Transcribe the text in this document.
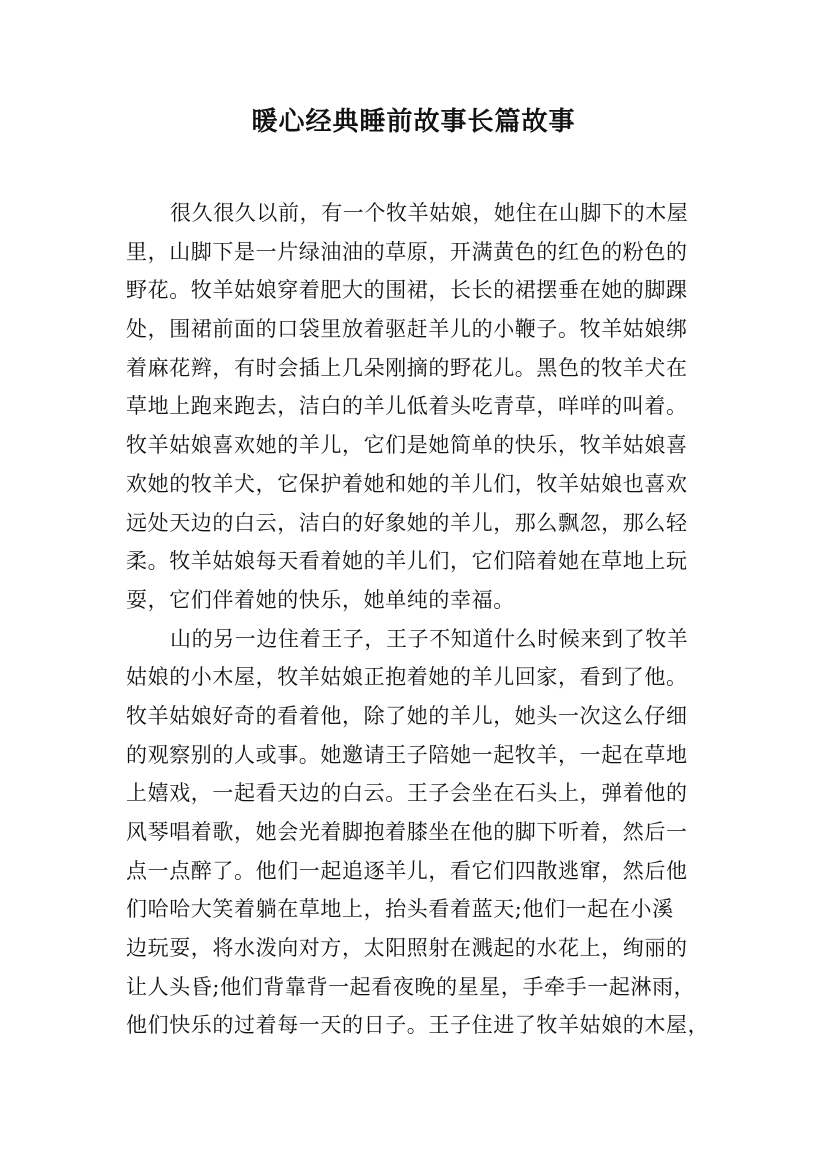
暖心经典睡前故事长篇故事
很久很久以前，有一个牧羊姑娘，她住在山脚下的木屋
里，山脚下是一片绿油油的草原，开满黄色的红色的粉色的
野花。牧羊姑娘穿着肥大的围裙，长长的裙摆垂在她的脚踝
处，围裙前面的口袋里放着驱赶羊儿的小鞭子。牧羊姑娘绑
着麻花辫，有时会插上几朵刚摘的野花儿。黑色的牧羊犬在
草地上跑来跑去，洁白的羊儿低着头吃青草，咩咩的叫着。
牧羊姑娘喜欢她的羊儿，它们是她简单的快乐，牧羊姑娘喜
欢她的牧羊犬，它保护着她和她的羊儿们，牧羊姑娘也喜欢
远处天边的白云，洁白的好象她的羊儿，那么飘忽，那么轻
柔。牧羊姑娘每天看着她的羊儿们，它们陪着她在草地上玩
耍，它们伴着她的快乐，她单纯的幸福。
山的另一边住着王子，王子不知道什么时候来到了牧羊
姑娘的小木屋，牧羊姑娘正抱着她的羊儿回家，看到了他。
牧羊姑娘好奇的看着他，除了她的羊儿，她头一次这么仔细
的观察别的人或事。她邀请王子陪她一起牧羊，一起在草地
上嬉戏，一起看天边的白云。王子会坐在石头上，弹着他的
风琴唱着歌，她会光着脚抱着膝坐在他的脚下听着，然后一
点一点醉了。他们一起追逐羊儿，看它们四散逃窜，然后他
们哈哈大笑着躺在草地上，抬头看着蓝天;他们一起在小溪
边玩耍，将水泼向对方，太阳照射在溅起的水花上，绚丽的
让人头昏;他们背靠背一起看夜晚的星星，手牵手一起淋雨，
他们快乐的过着每一天的日子。王子住进了牧羊姑娘的木屋，
